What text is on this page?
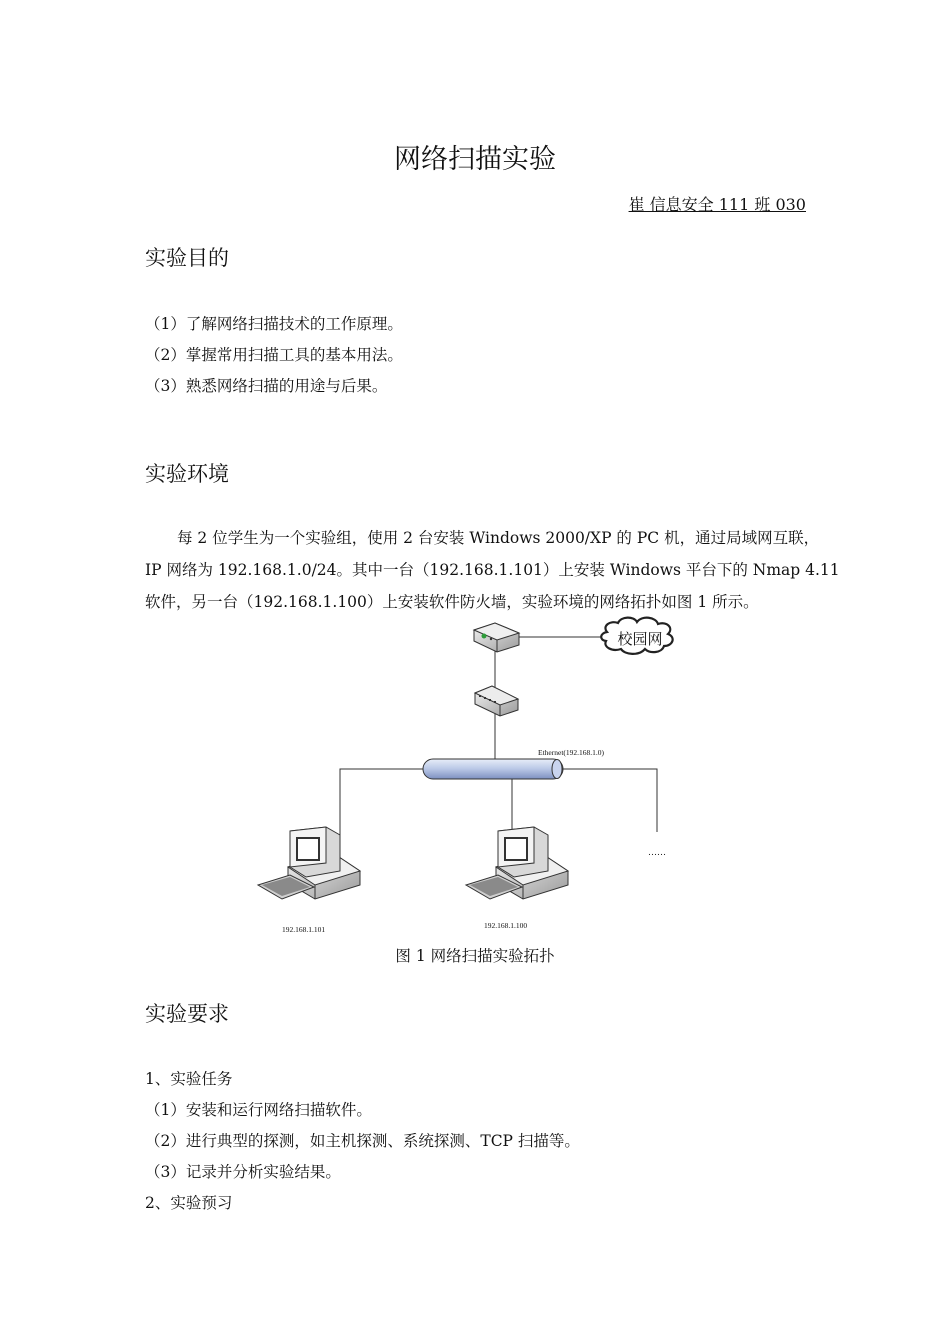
网络扫描实验
崔 信息安全 111 班 030
实验目的
（1）了解网络扫描技术的工作原理。
（2）掌握常用扫描工具的基本用法。
（3）熟悉网络扫描的用途与后果。
实验环境
每 2 位学生为一个实验组，使用 2 台安装 Windows 2000/XP 的 PC 机，通过局域网互联，
IP 网络为 192.168.1.0/24。其中一台（192.168.1.101）上安装 Windows 平台下的 Nmap 4.11
软件，另一台（192.168.1.100）上安装软件防火墙，实验环境的网络拓扑如图 1 所示。
校园网
Ethernet(192.168.1.0)
192.168.1.101	192.168.1.100
……
图 1 网络扫描实验拓扑
实验要求
1、实验任务
（1）安装和运行网络扫描软件。
（2）进行典型的探测，如主机探测、系统探测、TCP 扫描等。
（3）记录并分析实验结果。
2、实验预习
